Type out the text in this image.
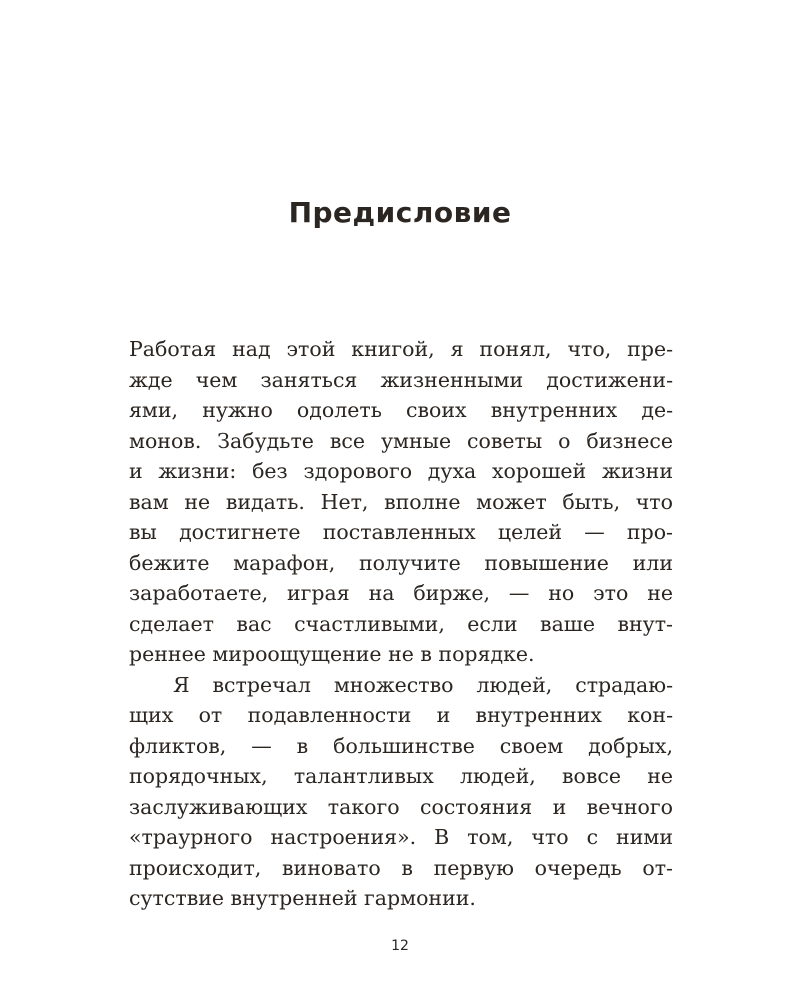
Предисловие
Работая над этой книгой, я понял, что, пре-
жде чем заняться жизненными достижени-
ями, нужно одолеть своих внутренних де-
монов. Забудьте все умные советы о бизнесе
и жизни: без здорового духа хорошей жизни
вам не видать. Нет, вполне может быть, что
вы достигнете поставленных целей — про-
бежите марафон, получите повышение или
заработаете, играя на бирже, — но это не
сделает вас счастливыми, если ваше внут-
реннее мироощущение не в порядке.
Я встречал множество людей, страдаю-
щих от подавленности и внутренних кон-
фликтов, — в большинстве своем добрых,
порядочных, талантливых людей, вовсе не
заслуживающих такого состояния и вечного
«траурного настроения». В том, что с ними
происходит, виновато в первую очередь от-
сутствие внутренней гармонии.
12
